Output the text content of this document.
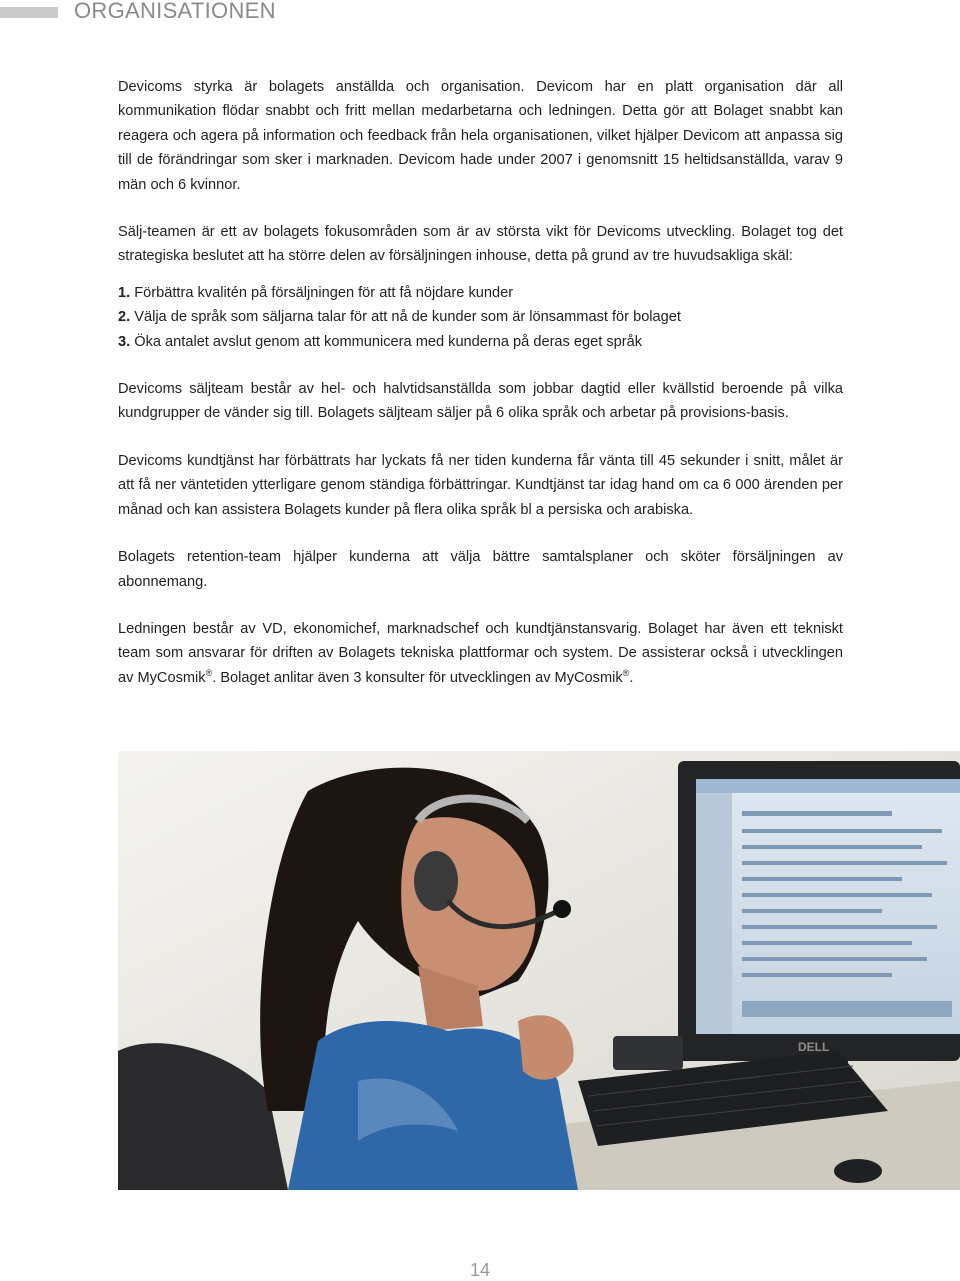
ORGANISATIONEN

Devicoms styrka är bolagets anställda och organisation. Devicom har en platt organisation där all kommunikation flödar snabbt och fritt mellan medarbetarna och ledningen. Detta gör att Bolaget snabbt kan reagera och agera på information och feedback från hela organisationen, vilket hjälper Devicom att anpassa sig till de förändringar som sker i marknaden. Devicom hade under 2007 i genomsnitt 15 heltidsanställda, varav 9 män och 6 kvinnor.

Sälj-teamen är ett av bolagets fokusområden som är av största vikt för Devicoms utveckling. Bolaget tog det strategiska beslutet att ha större delen av försäljningen inhouse, detta på grund av tre huvudsakliga skäl:

1. Förbättra kvalitén på försäljningen för att få nöjdare kunder
2. Välja de språk som säljarna talar för att nå de kunder som är lönsammast för bolaget
3. Öka antalet avslut genom att kommunicera med kunderna på deras eget språk

Devicoms säljteam består av hel- och halvtidsanställda som jobbar dagtid eller kvällstid beroende på vilka kundgrupper de vänder sig till. Bolagets säljteam säljer på 6 olika språk och arbetar på provisions-basis.

Devicoms kundtjänst har förbättrats har lyckats få ner tiden kunderna får vänta till 45 sekunder i snitt, målet är att få ner väntetiden ytterligare genom ständiga förbättringar. Kundtjänst tar idag hand om ca 6 000 ärenden per månad och kan assistera Bolagets kunder på flera olika språk bl a persiska och arabiska.

Bolagets retention-team hjälper kunderna att välja bättre samtalsplaner och sköter försäljningen av abonnemang.

Ledningen består av VD, ekonomichef, marknadschef och kundtjänstansvarig. Bolaget har även ett tekniskt team som ansvarar för driften av Bolagets tekniska plattformar och system. De assisterar också i utvecklingen av MyCosmik®. Bolaget anlitar även 3 konsulter för utvecklingen av MyCosmik®.

DELL
14
